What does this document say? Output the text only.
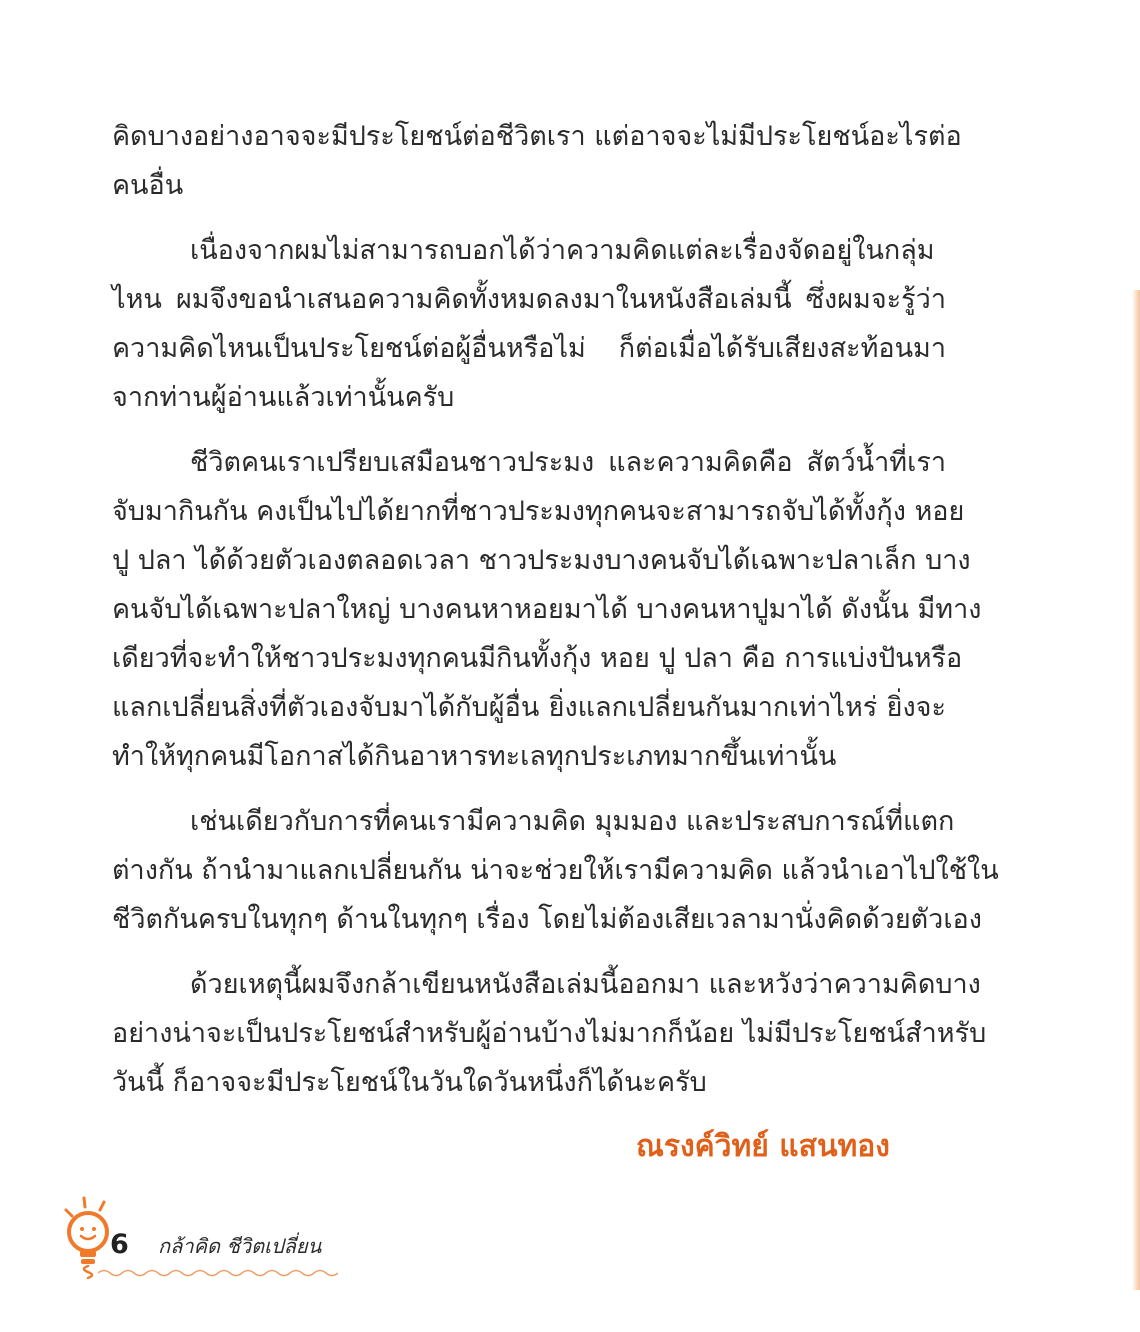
คิดบางอย่างอาจจะมีประโยชน์ต่อชีวิตเรา แต่อาจจะไม่มีประโยชน์อะไรต่อ
คนอื่น
เนื่องจากผมไม่สามารถบอกได้ว่าความคิดแต่ละเรื่องจัดอยู่ในกลุ่ม
ไหน ผมจึงขอนำเสนอความคิดทั้งหมดลงมาในหนังสือเล่มนี้ ซึ่งผมจะรู้ว่า
ความคิดไหนเป็นประโยชน์ต่อผู้อื่นหรือไม่ ก็ต่อเมื่อได้รับเสียงสะท้อนมา
จากท่านผู้อ่านแล้วเท่านั้นครับ
ชีวิตคนเราเปรียบเสมือนชาวประมง และความคิดคือ สัตว์น้ำที่เรา
จับมากินกัน คงเป็นไปได้ยากที่ชาวประมงทุกคนจะสามารถจับได้ทั้งกุ้ง หอย
ปู ปลา ได้ด้วยตัวเองตลอดเวลา ชาวประมงบางคนจับได้เฉพาะปลาเล็ก บาง
คนจับได้เฉพาะปลาใหญ่ บางคนหาหอยมาได้ บางคนหาปูมาได้ ดังนั้น มีทาง
เดียวที่จะทำให้ชาวประมงทุกคนมีกินทั้งกุ้ง หอย ปู ปลา คือ การแบ่งปันหรือ
แลกเปลี่ยนสิ่งที่ตัวเองจับมาได้กับผู้อื่น ยิ่งแลกเปลี่ยนกันมากเท่าไหร่ ยิ่งจะ
ทำให้ทุกคนมีโอกาสได้กินอาหารทะเลทุกประเภทมากขึ้นเท่านั้น
เช่นเดียวกับการที่คนเรามีความคิด มุมมอง และประสบการณ์ที่แตก
ต่างกัน ถ้านำมาแลกเปลี่ยนกัน น่าจะช่วยให้เรามีความคิด แล้วนำเอาไปใช้ใน
ชีวิตกันครบในทุกๆ ด้านในทุกๆ เรื่อง โดยไม่ต้องเสียเวลามานั่งคิดด้วยตัวเอง
ด้วยเหตุนี้ผมจึงกล้าเขียนหนังสือเล่มนี้ออกมา และหวังว่าความคิดบาง
อย่างน่าจะเป็นประโยชน์สำหรับผู้อ่านบ้างไม่มากก็น้อย ไม่มีประโยชน์สำหรับ
วันนี้ ก็อาจจะมีประโยชน์ในวันใดวันหนึ่งก็ได้นะครับ
ณรงค์วิทย์ แสนทอง
6 กล้าคิด ชีวิตเปลี่ยน
